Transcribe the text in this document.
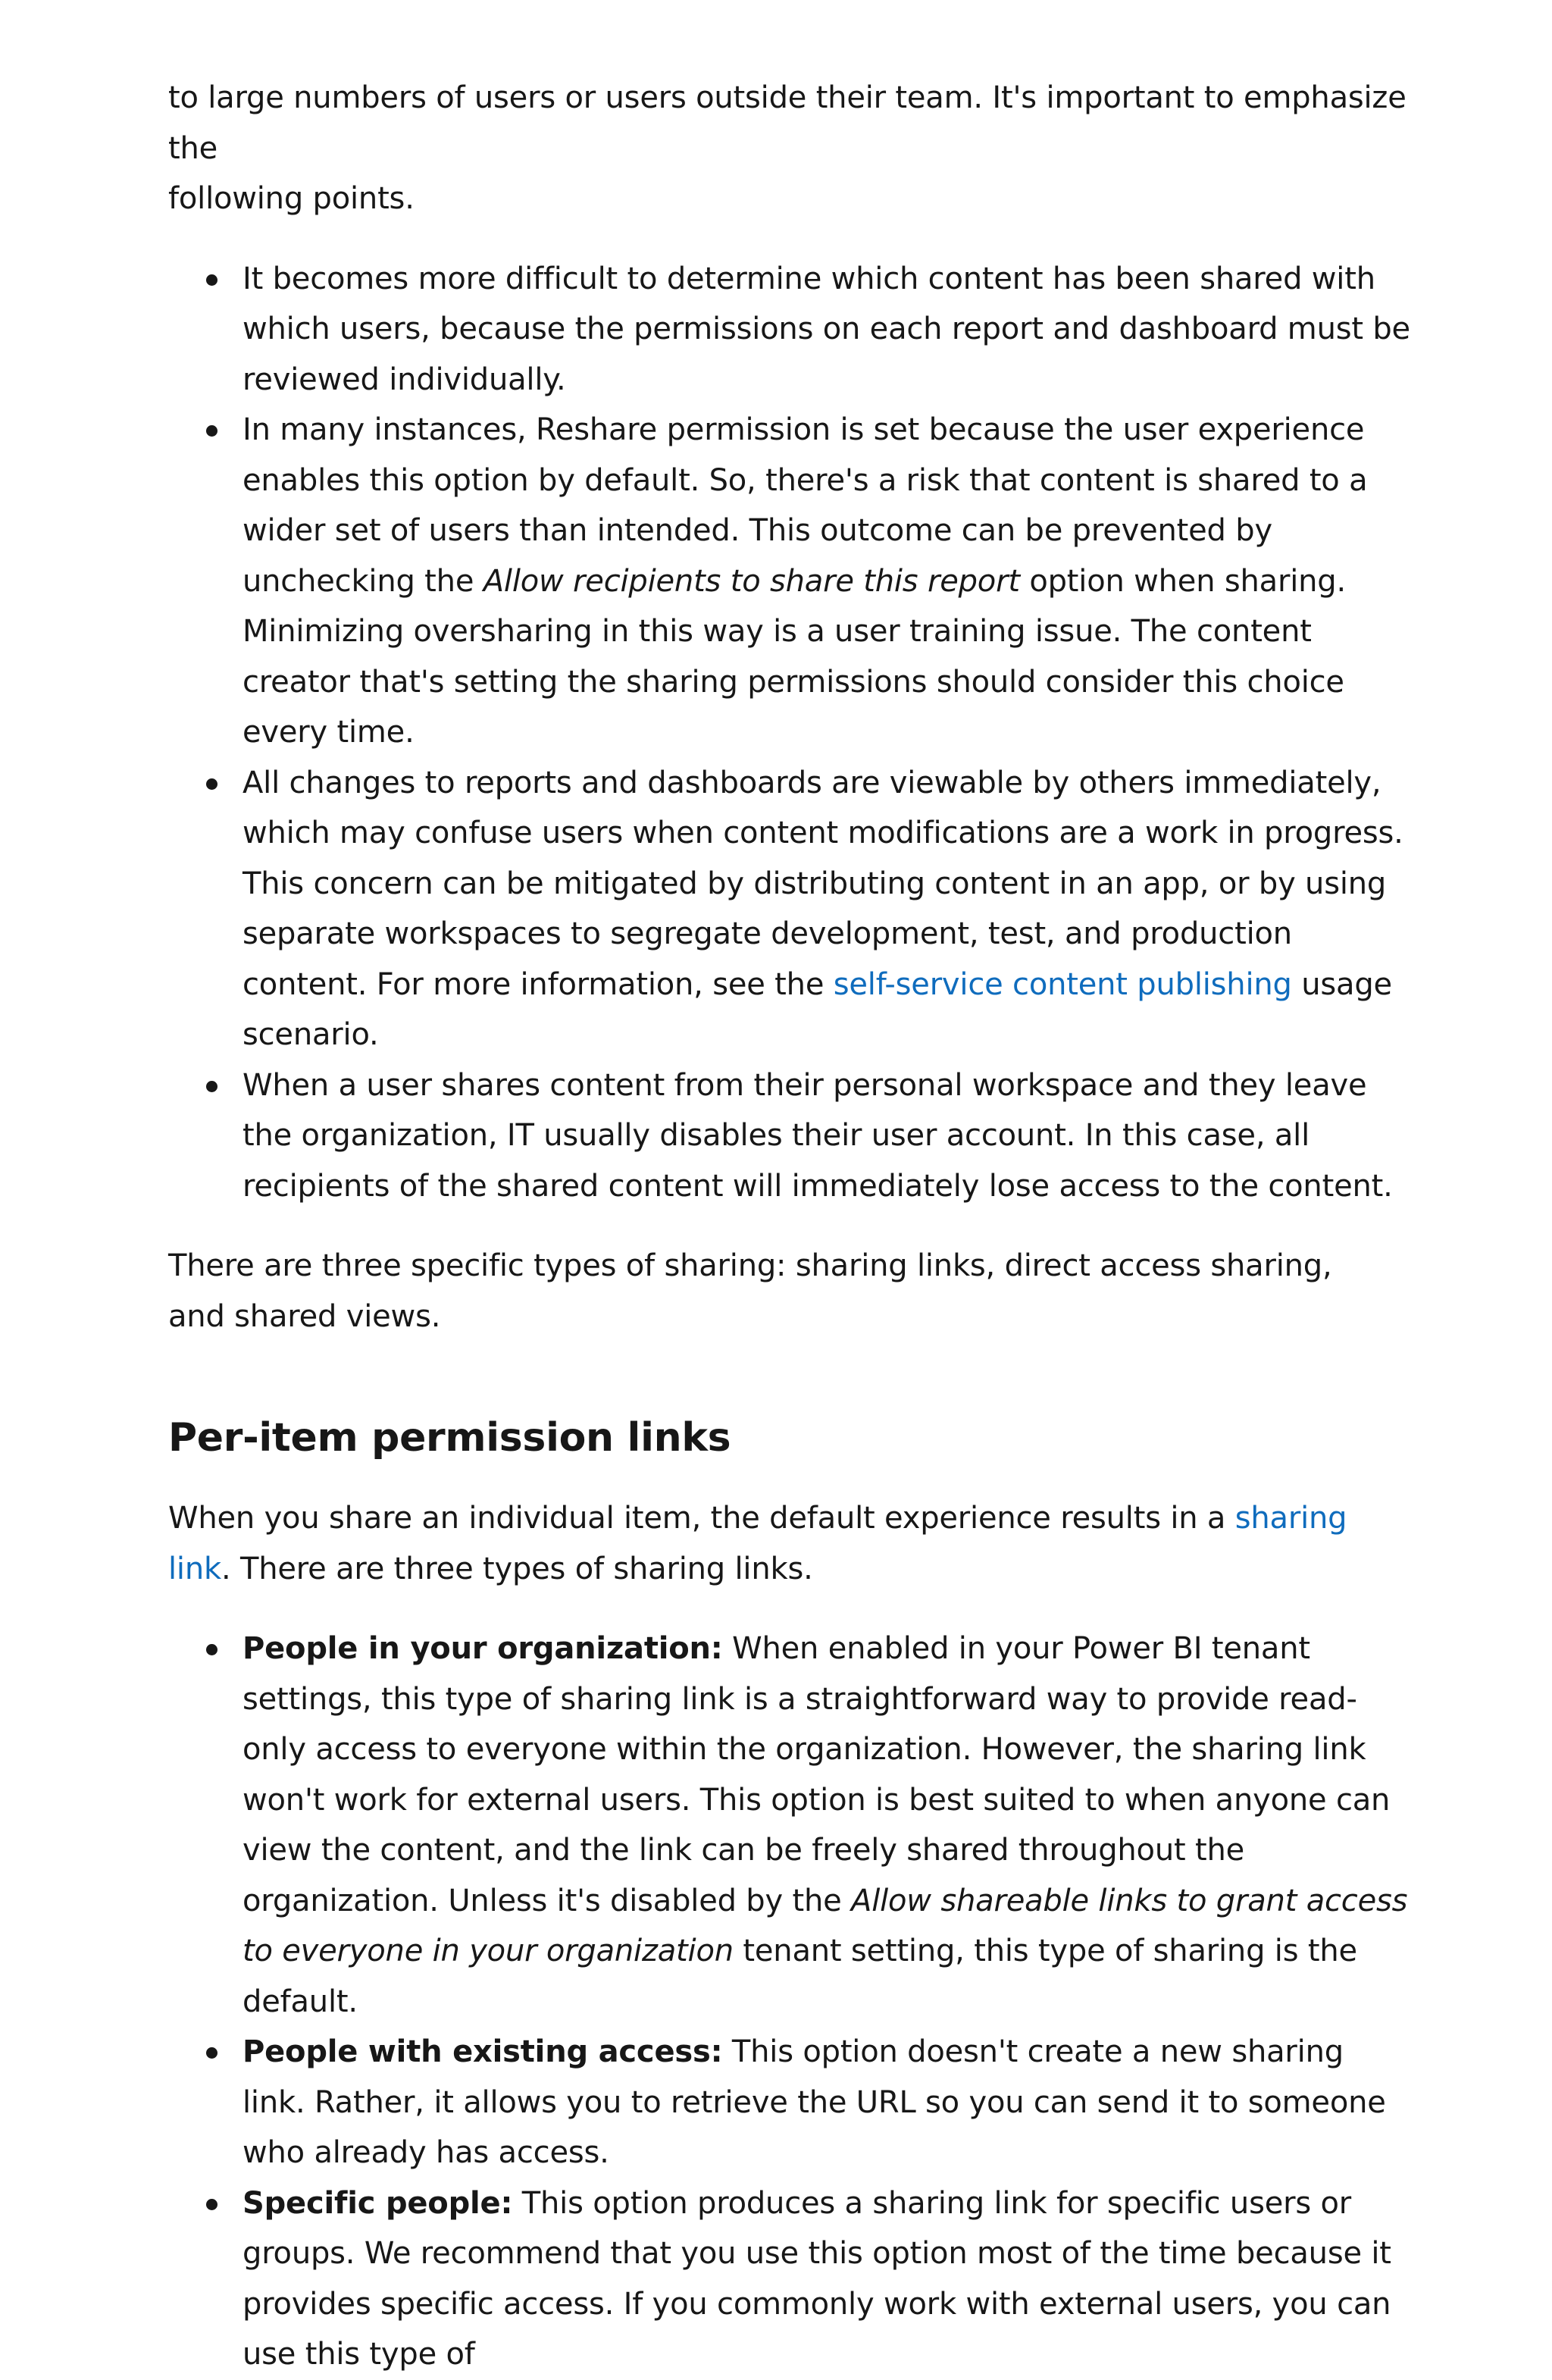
to large numbers of users or users outside their team. It's important to emphasize the
following points.

It becomes more difficult to determine which content has been shared with which users, because the permissions on each report and dashboard must be reviewed individually.
In many instances, Reshare permission is set because the user experience enables this option by default. So, there's a risk that content is shared to a wider set of users than intended. This outcome can be prevented by unchecking the Allow recipients to share this report option when sharing. Minimizing oversharing in this way is a user training issue. The content creator that's setting the sharing permissions should consider this choice every time.
All changes to reports and dashboards are viewable by others immediately, which may confuse users when content modifications are a work in progress. This concern can be mitigated by distributing content in an app, or by using separate workspaces to segregate development, test, and production content. For more information, see the self-service content publishing usage scenario.
When a user shares content from their personal workspace and they leave the organization, IT usually disables their user account. In this case, all recipients of the shared content will immediately lose access to the content.

There are three specific types of sharing: sharing links, direct access sharing, and shared views.

Per-item permission links

When you share an individual item, the default experience results in a sharing link. There are three types of sharing links.

People in your organization: When enabled in your Power BI tenant settings, this type of sharing link is a straightforward way to provide read-only access to everyone within the organization. However, the sharing link won't work for external users. This option is best suited to when anyone can view the content, and the link can be freely shared throughout the organization. Unless it's disabled by the Allow shareable links to grant access to everyone in your organization tenant setting, this type of sharing is the default.
People with existing access: This option doesn't create a new sharing link. Rather, it allows you to retrieve the URL so you can send it to someone who already has access.
Specific people: This option produces a sharing link for specific users or groups. We recommend that you use this option most of the time because it provides specific access. If you commonly work with external users, you can use this type of
